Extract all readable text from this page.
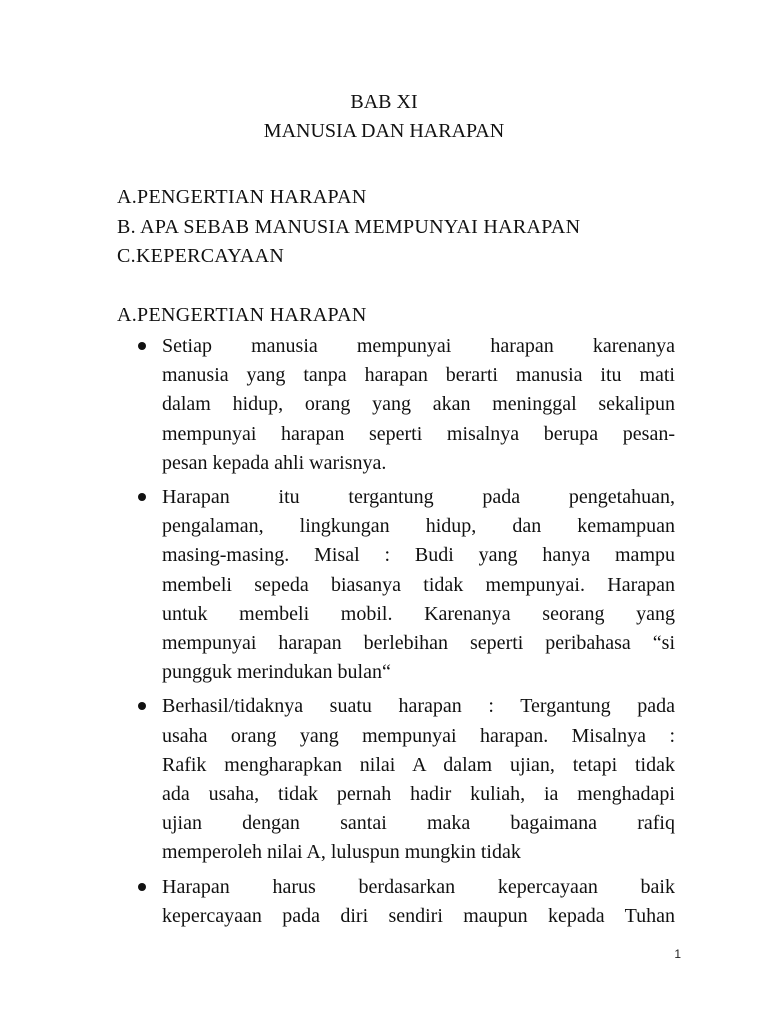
BAB XI
MANUSIA DAN HARAPAN
A.PENGERTIAN HARAPAN
B. APA SEBAB MANUSIA MEMPUNYAI HARAPAN
C.KEPERCAYAAN
A.PENGERTIAN HARAPAN
Setiap manusia mempunyai harapan karenanya
manusia yang tanpa harapan berarti manusia itu mati
dalam hidup, orang yang akan meninggal sekalipun
mempunyai harapan seperti misalnya berupa pesan-
pesan kepada ahli warisnya.
Harapan itu tergantung pada pengetahuan,
pengalaman, lingkungan hidup, dan kemampuan
masing-masing. Misal : Budi yang hanya mampu
membeli sepeda biasanya tidak mempunyai. Harapan
untuk membeli mobil. Karenanya seorang yang
mempunyai harapan berlebihan seperti peribahasa “si
pungguk merindukan bulan“
Berhasil/tidaknya suatu harapan : Tergantung pada
usaha orang yang mempunyai harapan. Misalnya :
Rafik mengharapkan nilai A dalam ujian, tetapi tidak
ada usaha, tidak pernah hadir kuliah, ia menghadapi
ujian dengan santai maka bagaimana rafiq
memperoleh nilai A, luluspun mungkin tidak
Harapan harus berdasarkan kepercayaan baik
kepercayaan pada diri sendiri maupun kepada Tuhan
1
